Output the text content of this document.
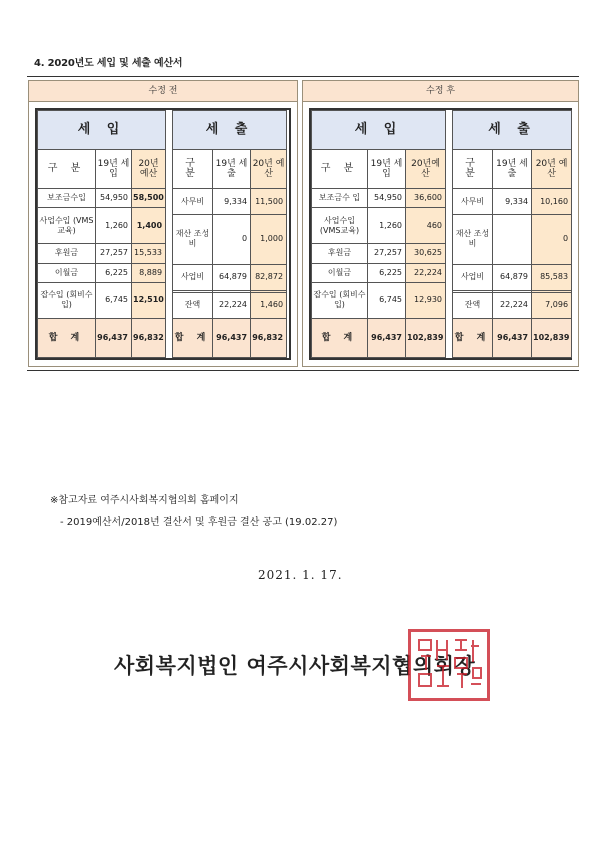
4. 2020년도 세입 및 세출 예산서
수정 전
세 입		
구 분	19년 세입	20년 예산
보조금수입	54,950	58,500
사업수입 (VMS교육)	1,260	1,400
후원금	27,257	15,533
이월금	6,225	8,889
잡수입 (회비수입)	6,745	12,510
합 계	96,437	96,832
세 출		
구 분	19년 세출	20년 예산
사무비	9,334	11,500
재산 조성비	0	1,000
사업비	64,879	82,872

잔액	22,224	1,460
합 계	96,437	96,832
수정 후
세 입		
구 분	19년 세입	20년예 산
보조금수 입	54,950	36,600
사업수입 (VMS교육)	1,260	460
후원금	27,257	30,625
이월금	6,225	22,224
잡수입 (회비수입)	6,745	12,930
합 계	96,437	102,839
세 출		
구 분	19년 세출	20년 예산
사무비	9,334	10,160
재산 조성비		0
사업비	64,879	85,583

잔액	22,224	7,096
합 계	96,437	102,839
※참고자료 여주시사회복지협의회 홈페이지
- 2019예산서/2018년 결산서 및 후원금 결산 공고 (19.02.27)
2021. 1. 17.
사회복지법인 여주시사회복지협의회장
